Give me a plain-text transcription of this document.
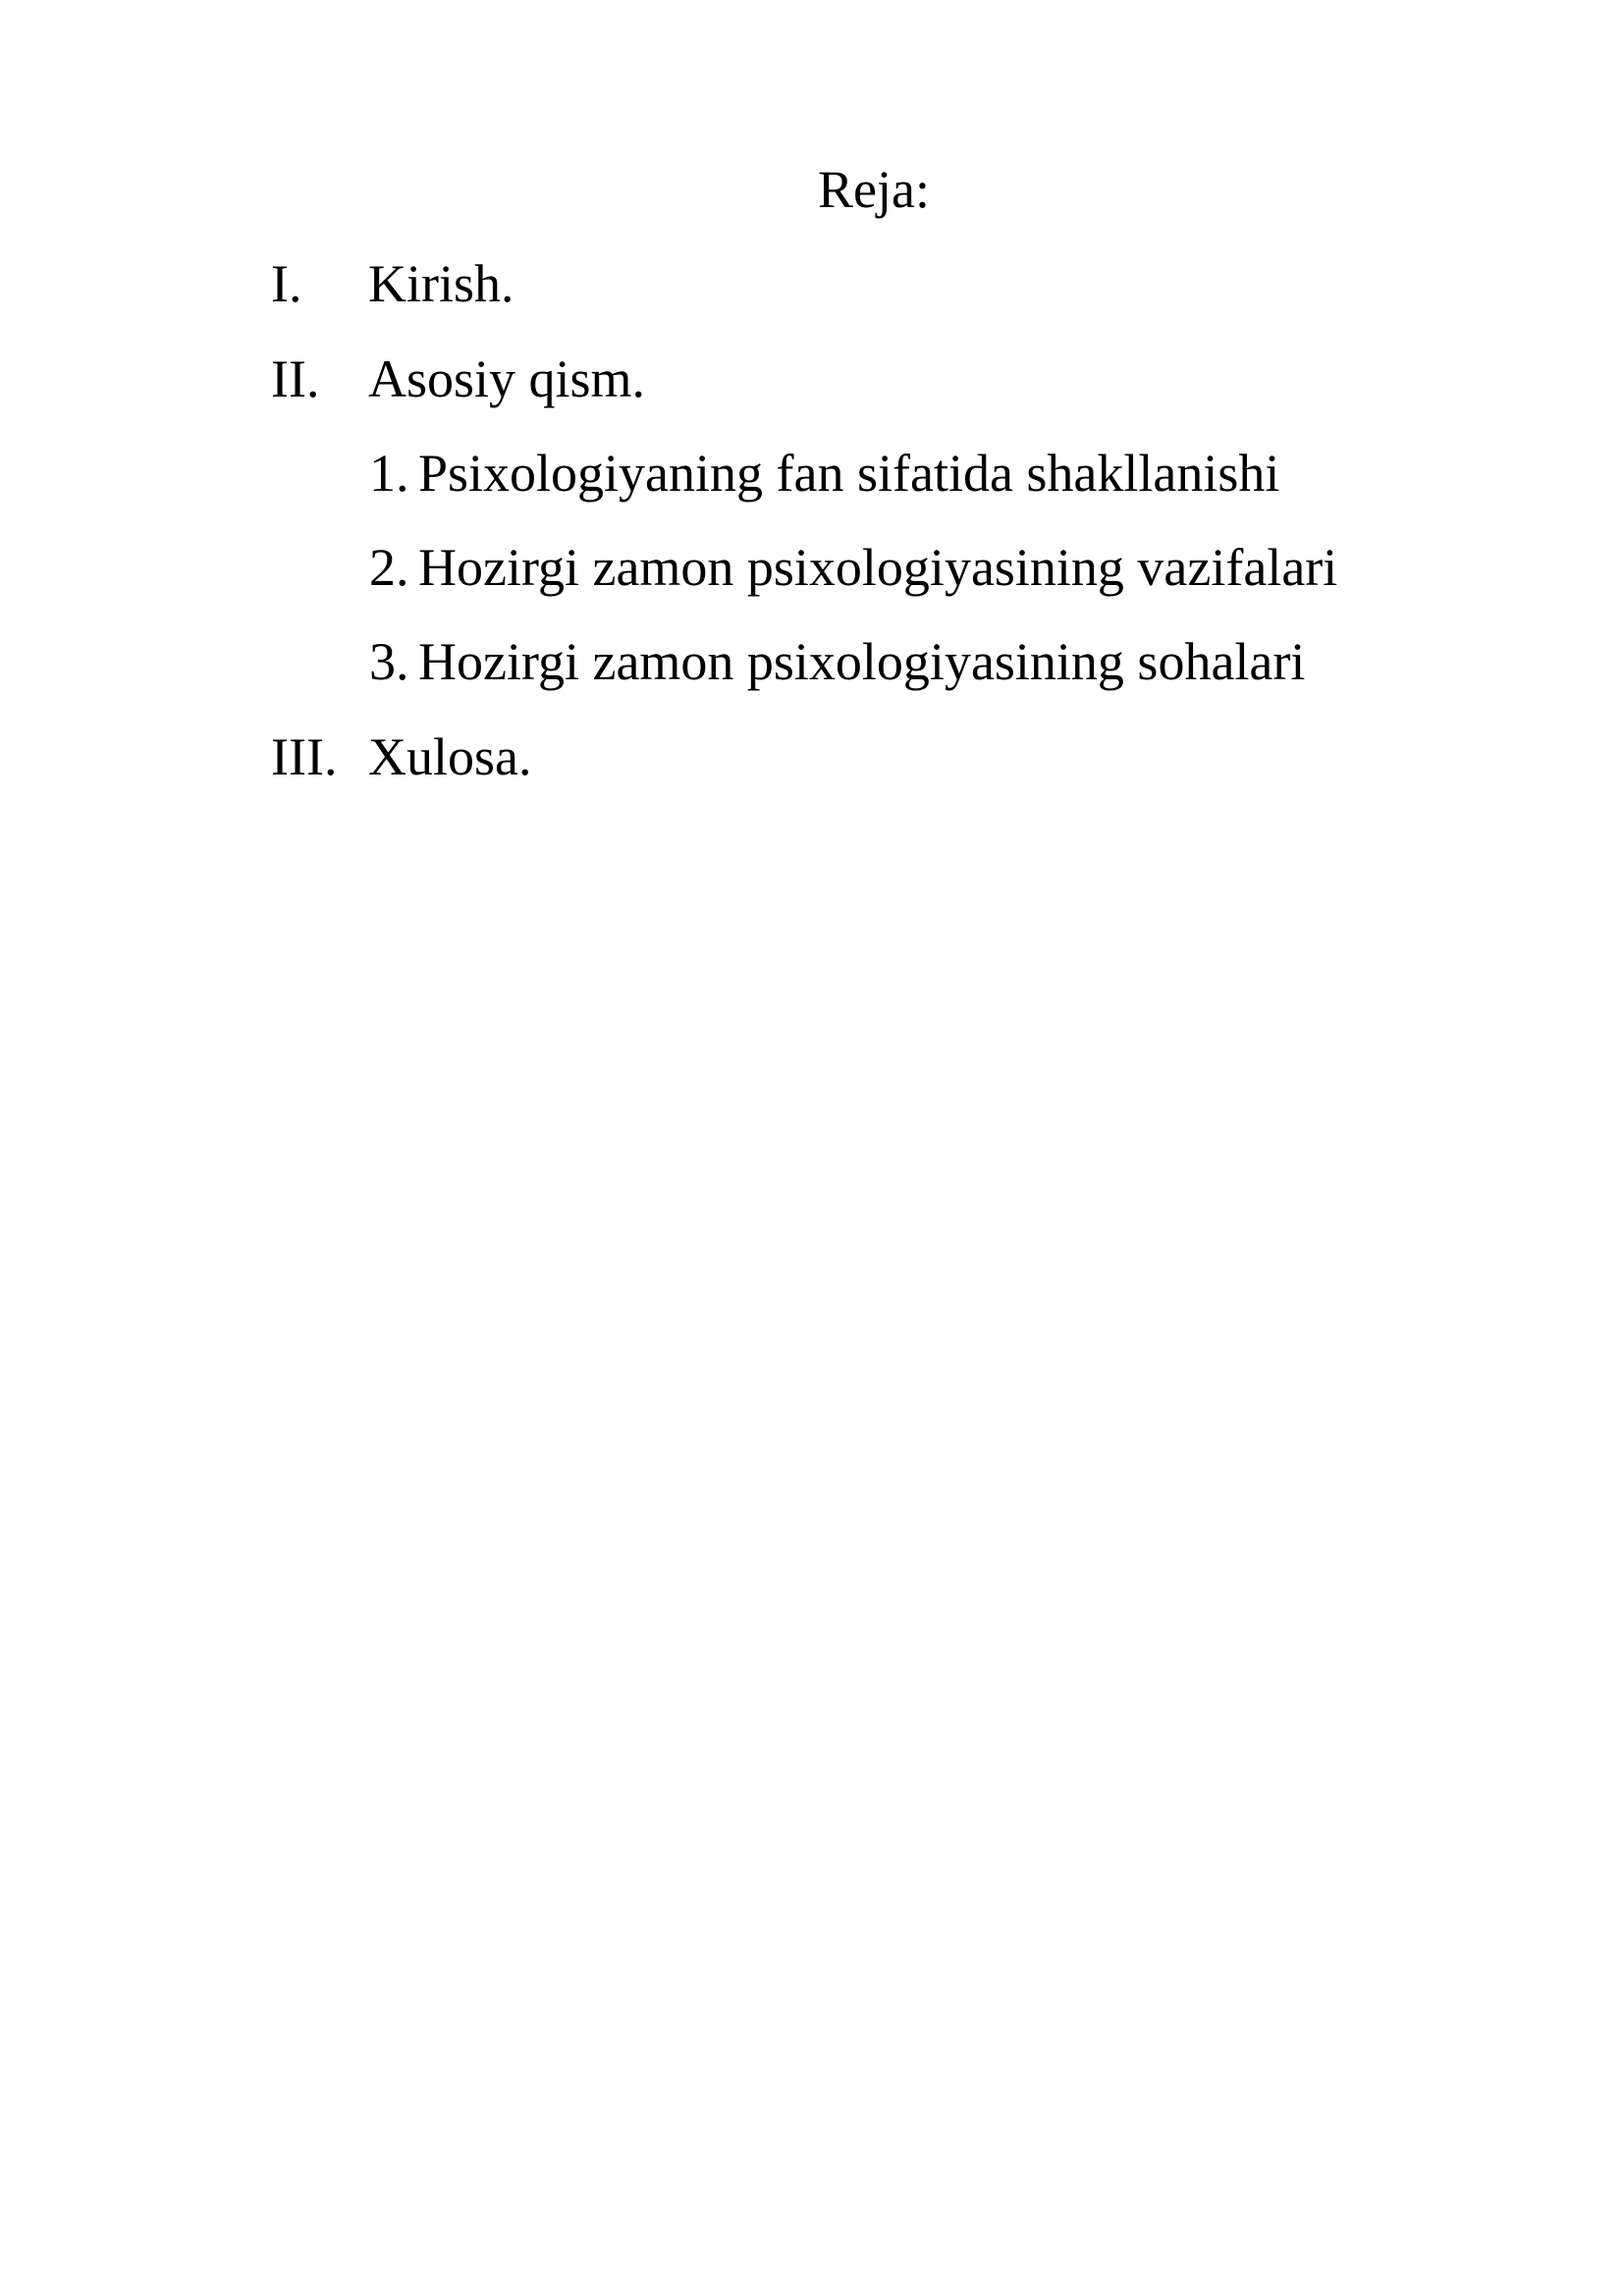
Reja:
I. Kirish.
II. Asosiy qism.
1. Psixologiyaning fan sifatida shakllanishi
2. Hozirgi zamon psixologiyasining vazifalari
3. Hozirgi zamon psixologiyasining sohalari
III. Xulosa.
